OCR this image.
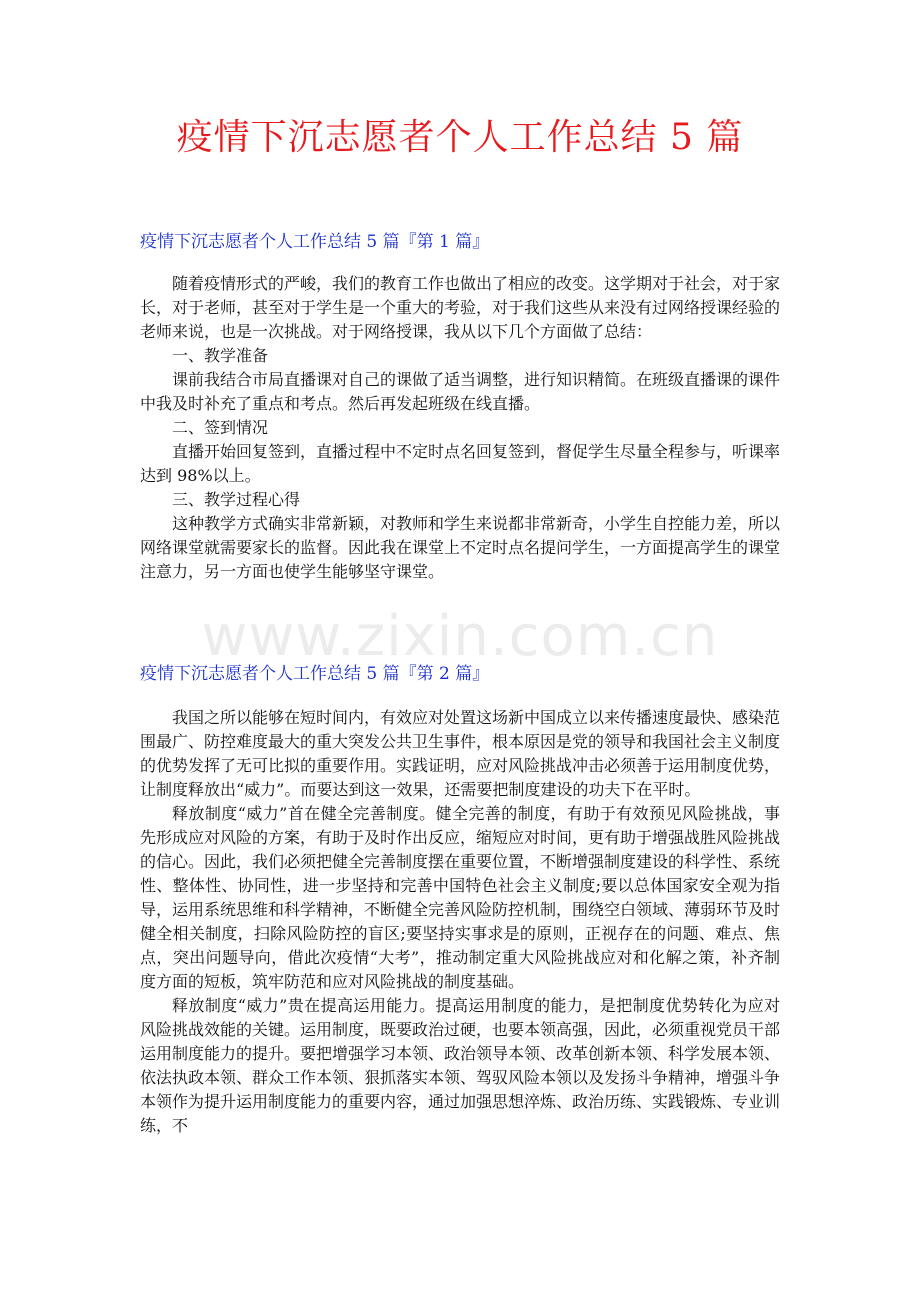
疫情下沉志愿者个人工作总结 5 篇
疫情下沉志愿者个人工作总结 5 篇『第 1 篇』

随着疫情形式的严峻，我们的教育工作也做出了相应的改变。这学期对于社会，对于家长，对于老师，甚至对于学生是一个重大的考验，对于我们这些从来没有过网络授课经验的老师来说，也是一次挑战。对于网络授课，我从以下几个方面做了总结：

一、教学准备

课前我结合市局直播课对自己的课做了适当调整，进行知识精简。在班级直播课的课件中我及时补充了重点和考点。然后再发起班级在线直播。

二、签到情况

直播开始回复签到，直播过程中不定时点名回复签到，督促学生尽量全程参与，听课率达到 98%以上。

三、教学过程心得

这种教学方式确实非常新颖，对教师和学生来说都非常新奇，小学生自控能力差，所以网络课堂就需要家长的监督。因此我在课堂上不定时点名提问学生，一方面提高学生的课堂注意力，另一方面也使学生能够坚守课堂。

www.zixin.com.cn
疫情下沉志愿者个人工作总结 5 篇『第 2 篇』

我国之所以能够在短时间内，有效应对处置这场新中国成立以来传播速度最快、感染范围最广、防控难度最大的重大突发公共卫生事件，根本原因是党的领导和我国社会主义制度的优势发挥了无可比拟的重要作用。实践证明，应对风险挑战冲击必须善于运用制度优势，让制度释放出“威力”。而要达到这一效果，还需要把制度建设的功夫下在平时。

释放制度“威力”首在健全完善制度。健全完善的制度，有助于有效预见风险挑战，事先形成应对风险的方案，有助于及时作出反应，缩短应对时间，更有助于增强战胜风险挑战的信心。因此，我们必须把健全完善制度摆在重要位置，不断增强制度建设的科学性、系统性、整体性、协同性，进一步坚持和完善中国特色社会主义制度;要以总体国家安全观为指导，运用系统思维和科学精神，不断健全完善风险防控机制，围绕空白领域、薄弱环节及时健全相关制度，扫除风险防控的盲区;要坚持实事求是的原则，正视存在的问题、难点、焦点，突出问题导向，借此次疫情“大考”，推动制定重大风险挑战应对和化解之策，补齐制度方面的短板，筑牢防范和应对风险挑战的制度基础。

释放制度“威力”贵在提高运用能力。提高运用制度的能力，是把制度优势转化为应对风险挑战效能的关键。运用制度，既要政治过硬，也要本领高强，因此，必须重视党员干部运用制度能力的提升。要把增强学习本领、政治领导本领、改革创新本领、科学发展本领、依法执政本领、群众工作本领、狠抓落实本领、驾驭风险本领以及发扬斗争精神，增强斗争本领作为提升运用制度能力的重要内容，通过加强思想淬炼、政治历练、实践锻炼、专业训练，不
